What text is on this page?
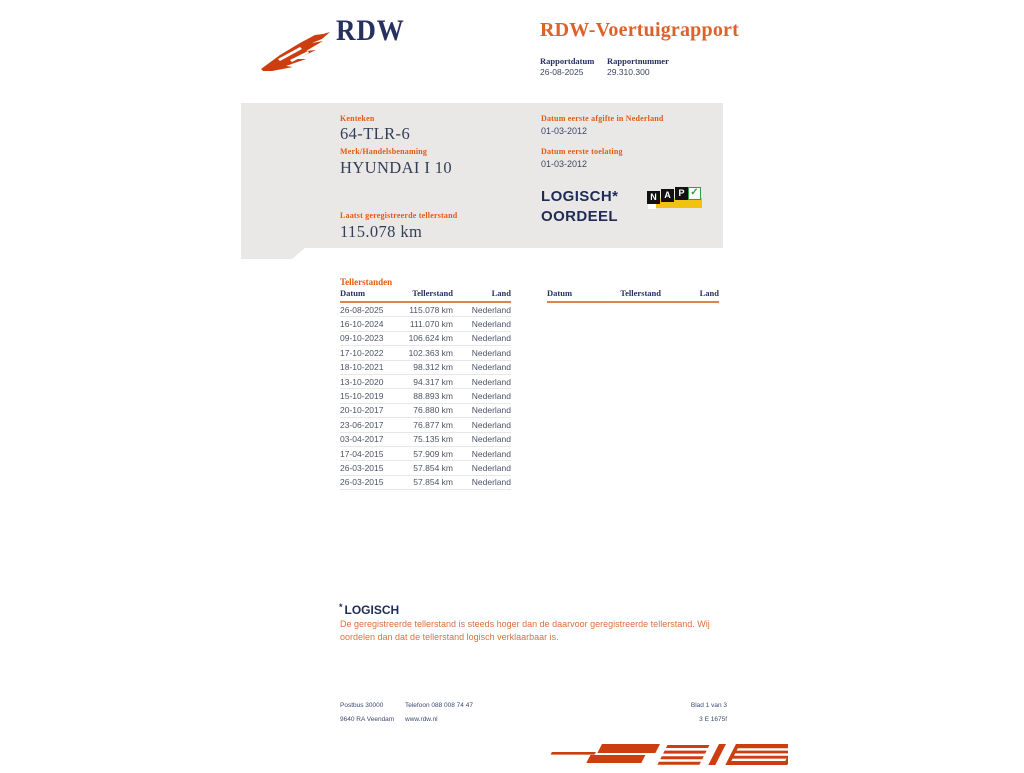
RDW	RDW-Voertuigrapport
Rapportdatum Rapportnummer
26-08-2025	29.310.300
Kenteken
64-TLR-6
Merk/Handelsbenaming
HYUNDAI I 10
Laatst geregistreerde tellerstand
115.078 km
Datum eerste afgifte in Nederland
01-03-2012
Datum eerste toelating
01-03-2012
LOGISCH*
OORDEEL
N A P ✓
Tellerstanden
Datum	Tellerstand	Land
26-08-2025	115.078 km	Nederland
16-10-2024	111.070 km	Nederland
09-10-2023	106.624 km	Nederland
17-10-2022	102.363 km	Nederland
18-10-2021	98.312 km	Nederland
13-10-2020	94.317 km	Nederland
15-10-2019	88.893 km	Nederland
20-10-2017	76.880 km	Nederland
23-06-2017	76.877 km	Nederland
03-04-2017	75.135 km	Nederland
17-04-2015	57.909 km	Nederland
26-03-2015	57.854 km	Nederland
26-03-2015	57.854 km	Nederland
Datum	Tellerstand	Land
* LOGISCH
De geregistreerde tellerstand is steeds hoger dan de daarvoor geregistreerde tellerstand. Wij oordelen dan dat de tellerstand logisch verklaarbaar is.
Postbus 30000
9640 RA Veendam
Telefoon 088 008 74 47
www.rdw.nl
Blad 1 van 3
3 E 1675f
